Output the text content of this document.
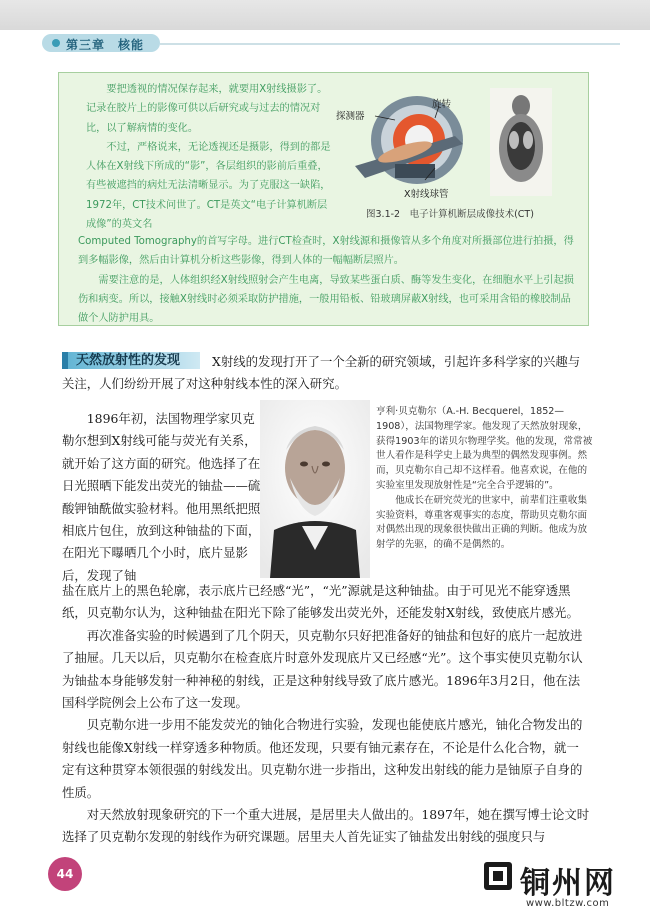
第三章　核能

要把透视的情况保存起来，就要用X射线摄影了。记录在胶片上的影像可供以后研究或与过去的情况对比，以了解病情的变化。

不过，严格说来，无论透视还是摄影，得到的都是人体在X射线下所成的“影”，各层组织的影前后重叠，有些被遮挡的病灶无法清晰显示。为了克服这一缺陷，1972年，CT技术问世了。CT是英文“电子计算机断层成像”的英文名

Computed Tomography的首写字母。进行CT检查时，X射线源和摄像管从多个角度对所摄部位进行拍摄，得到多幅影像，然后由计算机分析这些影像，得到人体的一幅幅断层照片。

需要注意的是，人体组织经X射线照射会产生电离，导致某些蛋白质、酶等发生变化，在细胞水平上引起损伤和病变。所以，接触X射线时必须采取防护措施，一般用铅板、铅玻璃屏蔽X射线，也可采用含铅的橡胶制品做个人防护用具。

探测器
旋转
X射线球管
图3.1-2　电子计算机断层成像技术(CT)
天然放射性的发现	X射线的发现打开了一个全新的研究领域，引起许多科学家的兴趣与关注，人们纷纷开展了对这种射线本性的深入研究。

1896年初，法国物理学家贝克勒尔想到X射线可能与荧光有关系，就开始了这方面的研究。他选择了在日光照晒下能发出荧光的铀盐——硫酸钾铀酰做实验材料。他用黑纸把照相底片包住，放到这种铀盐的下面，在阳光下曝晒几个小时，底片显影后，发现了铀

亨利·贝克勒尔（A.-H. Becquerel，1852—1908），法国物理学家。他发现了天然放射现象，获得1903年的诺贝尔物理学奖。他的发现，常常被世人看作是科学史上最为典型的偶然发现事例。然而，贝克勒尔自己却不这样看。他喜欢说，在他的实验室里发现放射性是“完全合乎逻辑的”。

他成长在研究荧光的世家中，前辈们注重收集实验资料，尊重客观事实的态度，帮助贝克勒尔面对偶然出现的现象很快做出正确的判断。他成为放射学的先驱，的确不是偶然的。

盐在底片上的黑色轮廓，表示底片已经感“光”，“光”源就是这种铀盐。由于可见光不能穿透黑纸，贝克勒尔认为，这种铀盐在阳光下除了能够发出荧光外，还能发射X射线，致使底片感光。

再次准备实验的时候遇到了几个阴天，贝克勒尔只好把准备好的铀盐和包好的底片一起放进了抽屉。几天以后，贝克勒尔在检查底片时意外发现底片又已经感“光”。这个事实使贝克勒尔认为铀盐本身能够发射一种神秘的射线，正是这种射线导致了底片感光。1896年3月2日，他在法国科学院例会上公布了这一发现。

贝克勒尔进一步用不能发荧光的铀化合物进行实验，发现也能使底片感光，铀化合物发出的射线也能像X射线一样穿透多种物质。他还发现，只要有铀元素存在，不论是什么化合物，就一定有这种贯穿本领很强的射线发出。贝克勒尔进一步指出，这种发出射线的能力是铀原子自身的性质。

对天然放射现象研究的下一个重大进展，是居里夫人做出的。1897年，她在撰写博士论文时选择了贝克勒尔发现的射线作为研究课题。居里夫人首先证实了铀盐发出射线的强度只与

44	铜州网
www.bltzw.com
